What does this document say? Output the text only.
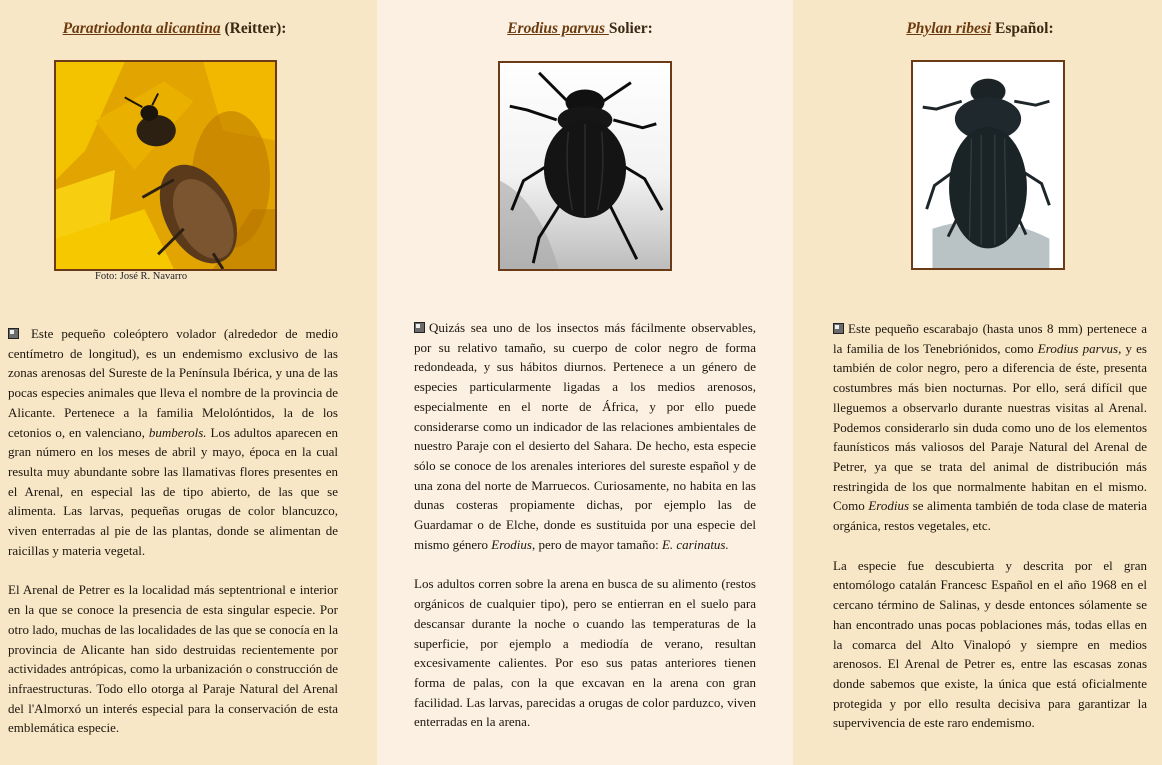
Paratriodonta alicantina (Reitter):
Foto: José R. Navarro

Este pequeño coleóptero volador (alrededor de medio centímetro de longitud), es un endemismo exclusivo de las zonas arenosas del Sureste de la Península Ibérica, y una de las pocas especies animales que lleva el nombre de la provincia de Alicante. Pertenece a la familia Melolóntidos, la de los cetonios o, en valenciano, bumberols. Los adultos aparecen en gran número en los meses de abril y mayo, época en la cual resulta muy abundante sobre las llamativas flores presentes en el Arenal, en especial las de tipo abierto, de las que se alimenta. Las larvas, pequeñas orugas de color blancuzco, viven enterradas al pie de las plantas, donde se alimentan de raicillas y materia vegetal.

El Arenal de Petrer es la localidad más septentrional e interior en la que se conoce la presencia de esta singular especie. Por otro lado, muchas de las localidades de las que se conocía en la provincia de Alicante han sido destruidas recientemente por actividades antrópicas, como la urbanización o construcción de infraestructuras. Todo ello otorga al Paraje Natural del Arenal del l'Almorxó un interés especial para la conservación de esta emblemática especie.

Erodius parvus Solier:

Quizás sea uno de los insectos más fácilmente observables, por su relativo tamaño, su cuerpo de color negro de forma redondeada, y sus hábitos diurnos. Pertenece a un género de especies particularmente ligadas a los medios arenosos, especialmente en el norte de África, y por ello puede considerarse como un indicador de las relaciones ambientales de nuestro Paraje con el desierto del Sahara. De hecho, esta especie sólo se conoce de los arenales interiores del sureste español y de una zona del norte de Marruecos. Curiosamente, no habita en las dunas costeras propiamente dichas, por ejemplo las de Guardamar o de Elche, donde es sustituida por una especie del mismo género Erodius, pero de mayor tamaño: E. carinatus.

Los adultos corren sobre la arena en busca de su alimento (restos orgánicos de cualquier tipo), pero se entierran en el suelo para descansar durante la noche o cuando las temperaturas de la superficie, por ejemplo a mediodía de verano, resultan excesivamente calientes. Por eso sus patas anteriores tienen forma de palas, con la que excavan en la arena con gran facilidad. Las larvas, parecidas a orugas de color parduzco, viven enterradas en la arena.

Phylan ribesi Español:

Este pequeño escarabajo (hasta unos 8 mm) pertenece a la familia de los Tenebriónidos, como Erodius parvus, y es también de color negro, pero a diferencia de éste, presenta costumbres más bien nocturnas. Por ello, será difícil que lleguemos a observarlo durante nuestras visitas al Arenal. Podemos considerarlo sin duda como uno de los elementos faunísticos más valiosos del Paraje Natural del Arenal de Petrer, ya que se trata del animal de distribución más restringida de los que normalmente habitan en el mismo. Como Erodius se alimenta también de toda clase de materia orgánica, restos vegetales, etc.

La especie fue descubierta y descrita por el gran entomólogo catalán Francesc Español en el año 1968 en el cercano término de Salinas, y desde entonces sólamente se han encontrado unas pocas poblaciones más, todas ellas en la comarca del Alto Vinalopó y siempre en medios arenosos. El Arenal de Petrer es, entre las escasas zonas donde sabemos que existe, la única que está oficialmente protegida y por ello resulta decisiva para garantizar la supervivencia de este raro endemismo.
